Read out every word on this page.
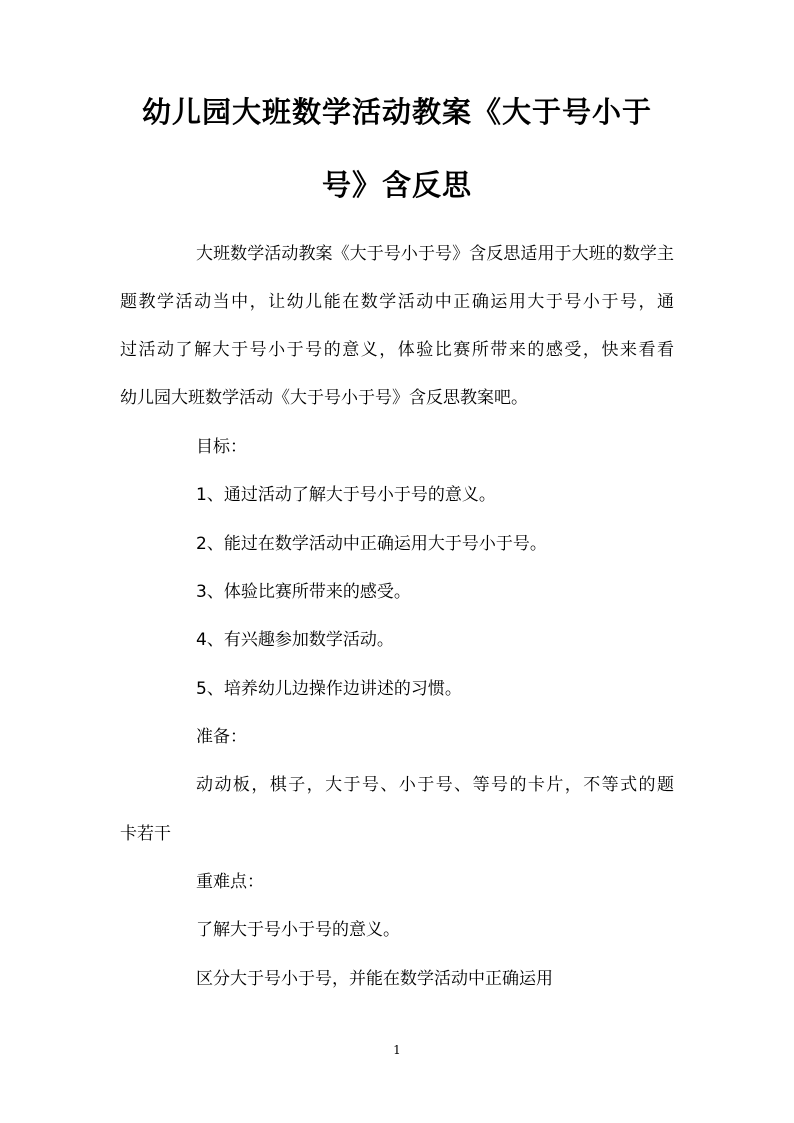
幼儿园大班数学活动教案《大于号小于
号》含反思
大班数学活动教案《大于号小于号》含反思适用于大班的数学主
题教学活动当中，让幼儿能在数学活动中正确运用大于号小于号，通
过活动了解大于号小于号的意义，体验比赛所带来的感受，快来看看
幼儿园大班数学活动《大于号小于号》含反思教案吧。
目标：
1、通过活动了解大于号小于号的意义。
2、能过在数学活动中正确运用大于号小于号。
3、体验比赛所带来的感受。
4、有兴趣参加数学活动。
5、培养幼儿边操作边讲述的习惯。
准备：
动动板，棋子，大于号、小于号、等号的卡片，不等式的题
卡若干
重难点：
了解大于号小于号的意义。
区分大于号小于号，并能在数学活动中正确运用
1
